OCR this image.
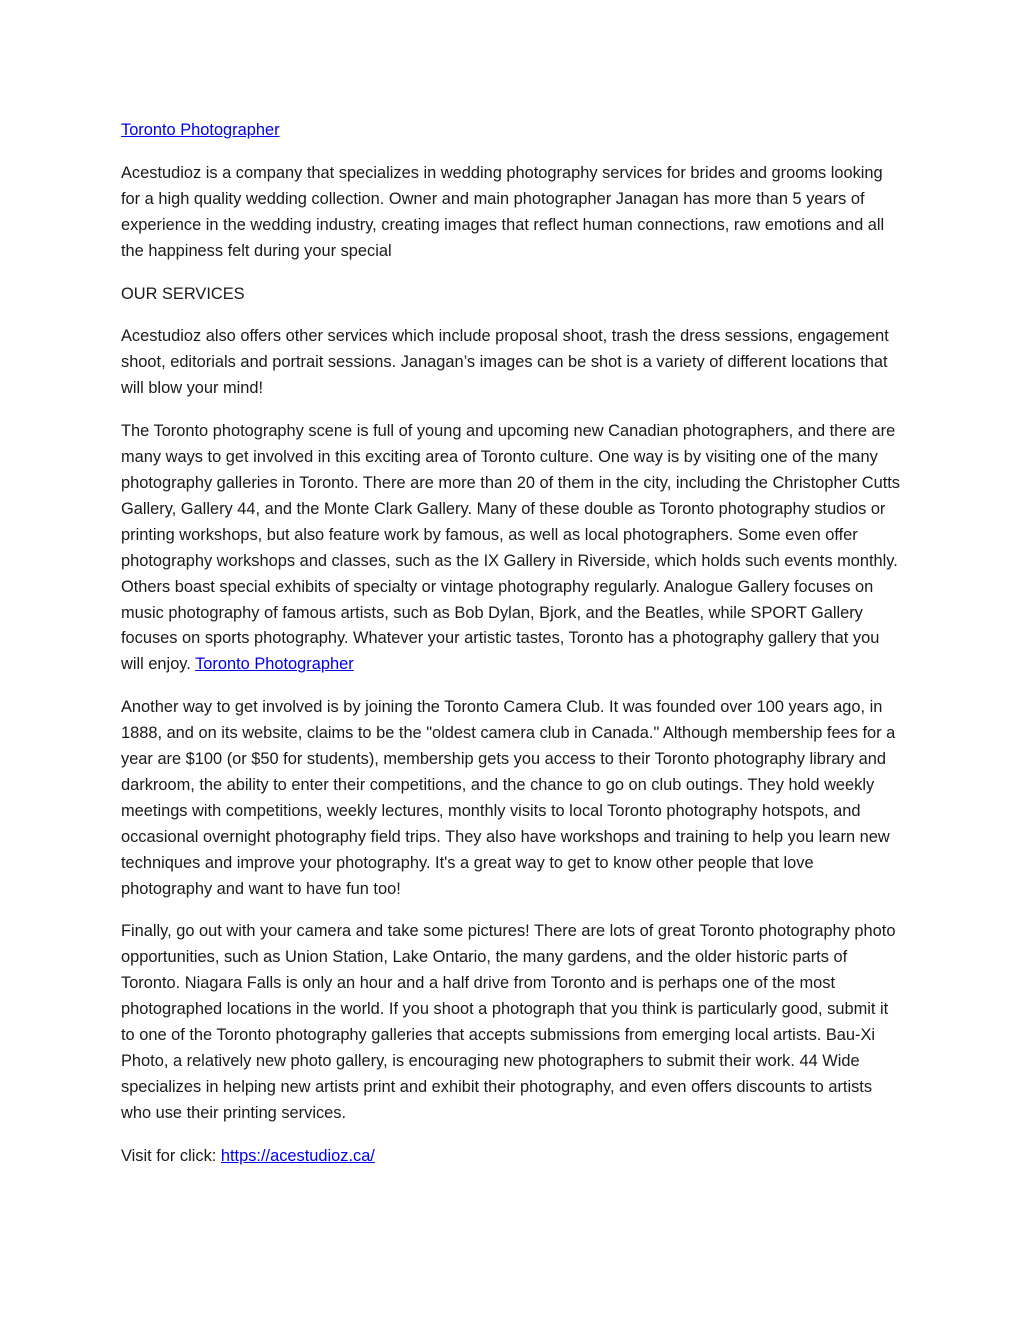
Toronto Photographer

Acestudioz is a company that specializes in wedding photography services for brides and grooms looking for a high quality wedding collection. Owner and main photographer Janagan has more than 5 years of experience in the wedding industry, creating images that reflect human connections, raw emotions and all the happiness felt during your special

OUR SERVICES

Acestudioz also offers other services which include proposal shoot, trash the dress sessions, engagement shoot, editorials and portrait sessions. Janagan’s images can be shot is a variety of different locations that will blow your mind!

The Toronto photography scene is full of young and upcoming new Canadian photographers, and there are many ways to get involved in this exciting area of Toronto culture. One way is by visiting one of the many photography galleries in Toronto. There are more than 20 of them in the city, including the Christopher Cutts Gallery, Gallery 44, and the Monte Clark Gallery. Many of these double as Toronto photography studios or printing workshops, but also feature work by famous, as well as local photographers. Some even offer photography workshops and classes, such as the IX Gallery in Riverside, which holds such events monthly. Others boast special exhibits of specialty or vintage photography regularly. Analogue Gallery focuses on music photography of famous artists, such as Bob Dylan, Bjork, and the Beatles, while SPORT Gallery focuses on sports photography. Whatever your artistic tastes, Toronto has a photography gallery that you will enjoy. Toronto Photographer

Another way to get involved is by joining the Toronto Camera Club. It was founded over 100 years ago, in 1888, and on its website, claims to be the "oldest camera club in Canada." Although membership fees for a year are $100 (or $50 for students), membership gets you access to their Toronto photography library and darkroom, the ability to enter their competitions, and the chance to go on club outings. They hold weekly meetings with competitions, weekly lectures, monthly visits to local Toronto photography hotspots, and occasional overnight photography field trips. They also have workshops and training to help you learn new techniques and improve your photography. It's a great way to get to know other people that love photography and want to have fun too!

Finally, go out with your camera and take some pictures! There are lots of great Toronto photography photo opportunities, such as Union Station, Lake Ontario, the many gardens, and the older historic parts of Toronto. Niagara Falls is only an hour and a half drive from Toronto and is perhaps one of the most photographed locations in the world. If you shoot a photograph that you think is particularly good, submit it to one of the Toronto photography galleries that accepts submissions from emerging local artists. Bau-Xi Photo, a relatively new photo gallery, is encouraging new photographers to submit their work. 44 Wide specializes in helping new artists print and exhibit their photography, and even offers discounts to artists who use their printing services.

Visit for click: https://acestudioz.ca/
